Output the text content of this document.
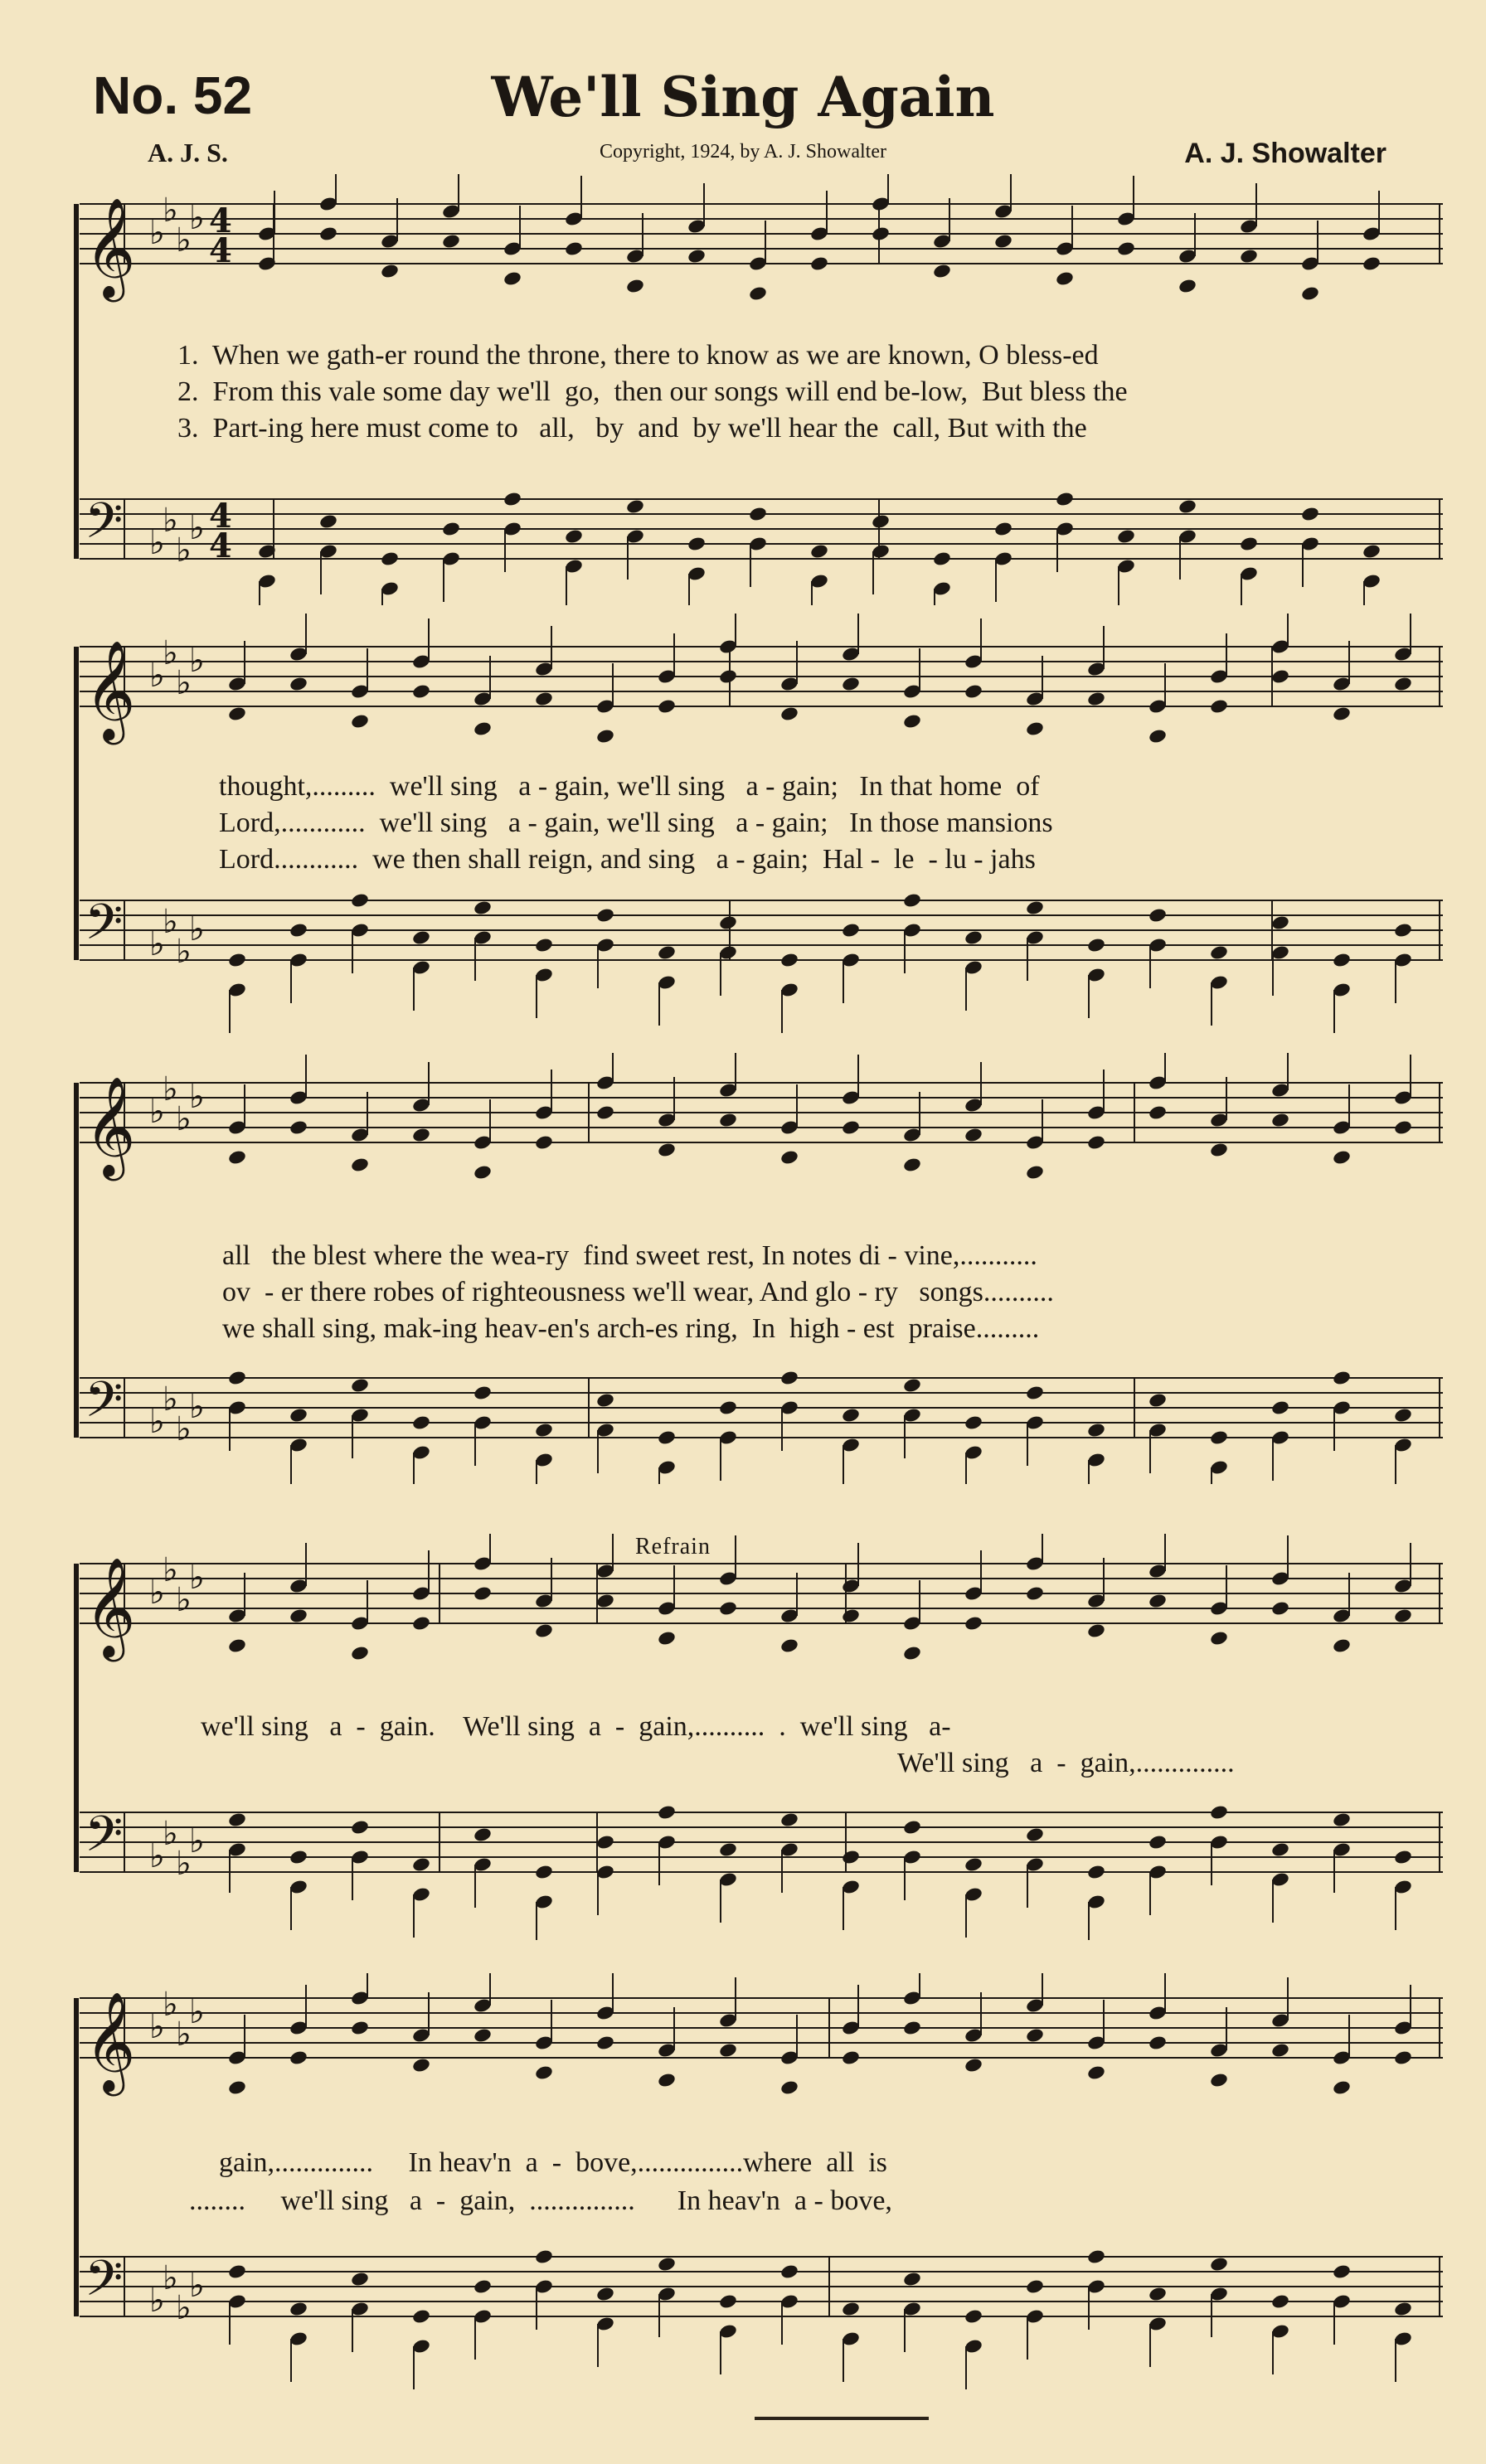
No. 52	We'll Sing Again
A. J. S.	Copyright, 1924, by A. J. Showalter	A. J. Showalter
𝄞 ♭
♭
♭
♭ 4
4
𝄢 ♭
♭
♭
♭ 4
4
1.  When we gath-er round the throne, there to know as we are known, O bless-ed
2.  From this vale some day we'll  go,  then our songs will end be-low,  But bless the
3.  Part-ing here must come to   all,   by  and  by we'll hear the  call, But with the
𝄞 ♭
♭
♭
♭
𝄢 ♭
♭
♭
♭
thought,.........  we'll sing   a - gain, we'll sing   a - gain;   In that home  of
Lord,............  we'll sing   a - gain, we'll sing   a - gain;   In those mansions
Lord............  we then shall reign, and sing   a - gain;  Hal -  le  - lu - jahs
𝄞 ♭
♭
♭
♭
𝄢 ♭
♭
♭
♭
all   the blest where the wea-ry  find sweet rest, In notes di - vine,...........
ov  - er there robes of righteousness we'll wear, And glo - ry   songs..........
we shall sing, mak-ing heav-en's arch-es ring,  In  high - est  praise.........
Refrain
𝄞 ♭
♭
♭
♭
𝄢 ♭
♭
♭
♭
we'll sing   a  -  gain.    We'll sing  a  -  gain,..........  .  we'll sing   a-
We'll sing   a  -  gain,..............
𝄞 ♭
♭
♭
♭
𝄢 ♭
♭
♭
♭
gain,..............     In heav'n  a  -  bove,...............where  all  is
........     we'll sing   a  -  gain,  ...............      In heav'n  a - bove,
